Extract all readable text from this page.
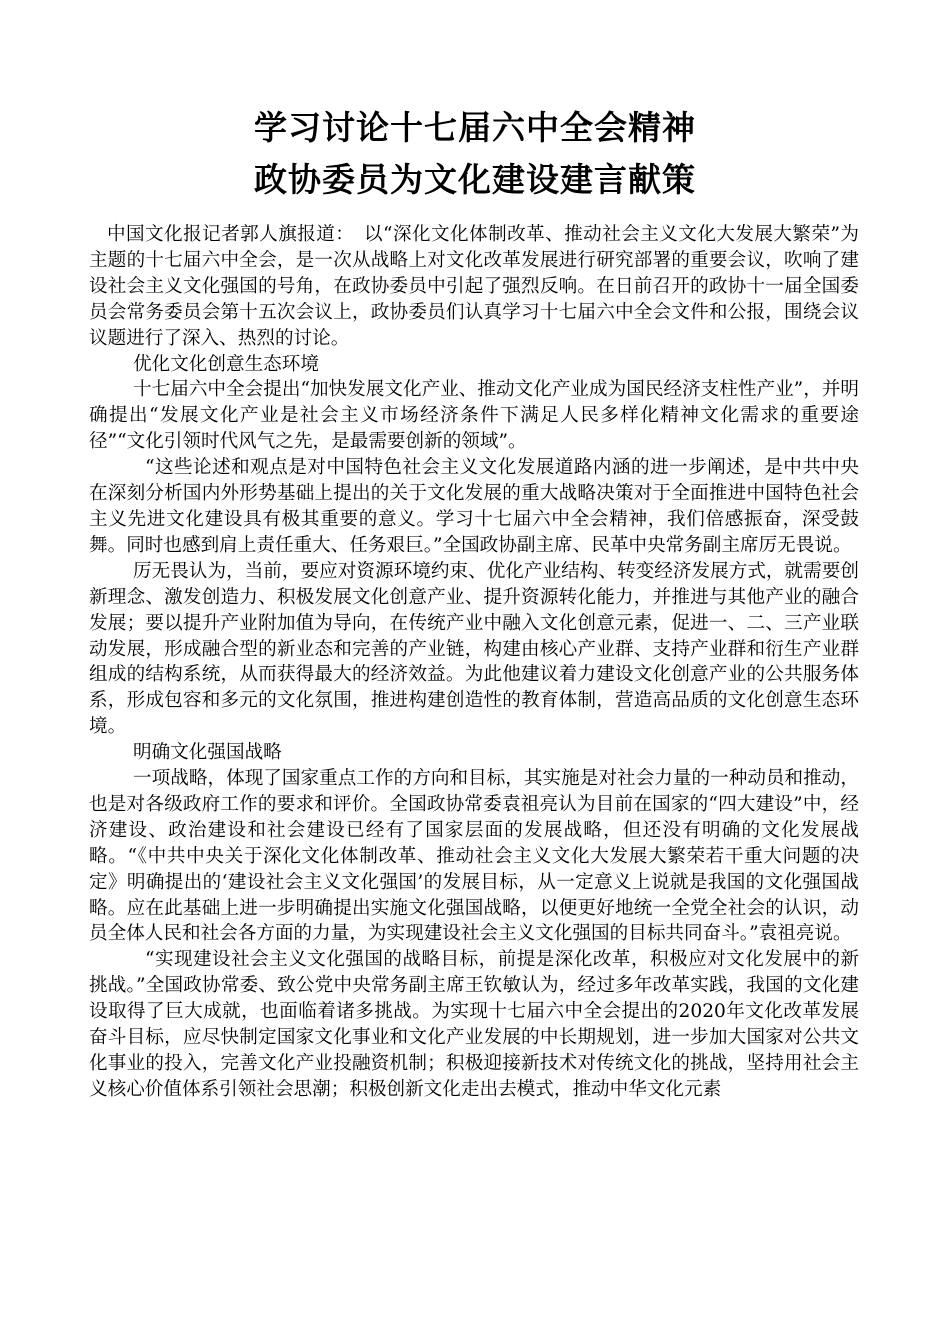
学习讨论十七届六中全会精神
政协委员为文化建设建言献策

中国文化报记者郭人旗报道：　以“深化文化体制改革、推动社会主义文化大发展大繁荣”为主题的十七届六中全会，是一次从战略上对文化改革发展进行研究部署的重要会议，吹响了建设社会主义文化强国的号角，在政协委员中引起了强烈反响。在日前召开的政协十一届全国委员会常务委员会第十五次会议上，政协委员们认真学习十七届六中全会文件和公报，围绕会议议题进行了深入、热烈的讨论。

优化文化创意生态环境

十七届六中全会提出“加快发展文化产业、推动文化产业成为国民经济支柱性产业”，并明确提出“发展文化产业是社会主义市场经济条件下满足人民多样化精神文化需求的重要途径”“文化引领时代风气之先，是最需要创新的领域”。

“这些论述和观点是对中国特色社会主义文化发展道路内涵的进一步阐述，是中共中央在深刻分析国内外形势基础上提出的关于文化发展的重大战略决策对于全面推进中国特色社会主义先进文化建设具有极其重要的意义。学习十七届六中全会精神，我们倍感振奋，深受鼓舞。同时也感到肩上责任重大、任务艰巨。”全国政协副主席、民革中央常务副主席厉无畏说。

厉无畏认为，当前，要应对资源环境约束、优化产业结构、转变经济发展方式，就需要创新理念、激发创造力、积极发展文化创意产业、提升资源转化能力，并推进与其他产业的融合发展；要以提升产业附加值为导向，在传统产业中融入文化创意元素，促进一、二、三产业联动发展，形成融合型的新业态和完善的产业链，构建由核心产业群、支持产业群和衍生产业群组成的结构系统，从而获得最大的经济效益。为此他建议着力建设文化创意产业的公共服务体系，形成包容和多元的文化氛围，推进构建创造性的教育体制，营造高品质的文化创意生态环境。

明确文化强国战略

一项战略，体现了国家重点工作的方向和目标，其实施是对社会力量的一种动员和推动，也是对各级政府工作的要求和评价。全国政协常委袁祖亮认为目前在国家的“四大建设”中，经济建设、政治建设和社会建设已经有了国家层面的发展战略，但还没有明确的文化发展战略。“《中共中央关于深化文化体制改革、推动社会主义文化大发展大繁荣若干重大问题的决定》明确提出的‘建设社会主义文化强国’的发展目标，从一定意义上说就是我国的文化强国战略。应在此基础上进一步明确提出实施文化强国战略，以便更好地统一全党全社会的认识，动员全体人民和社会各方面的力量，为实现建设社会主义文化强国的目标共同奋斗。”袁祖亮说。

“实现建设社会主义文化强国的战略目标，前提是深化改革，积极应对文化发展中的新挑战。”全国政协常委、致公党中央常务副主席王钦敏认为，经过多年改革实践，我国的文化建设取得了巨大成就，也面临着诸多挑战。为实现十七届六中全会提出的2020年文化改革发展奋斗目标，应尽快制定国家文化事业和文化产业发展的中长期规划，进一步加大国家对公共文化事业的投入，完善文化产业投融资机制；积极迎接新技术对传统文化的挑战，坚持用社会主义核心价值体系引领社会思潮；积极创新文化走出去模式，推动中华文化元素
